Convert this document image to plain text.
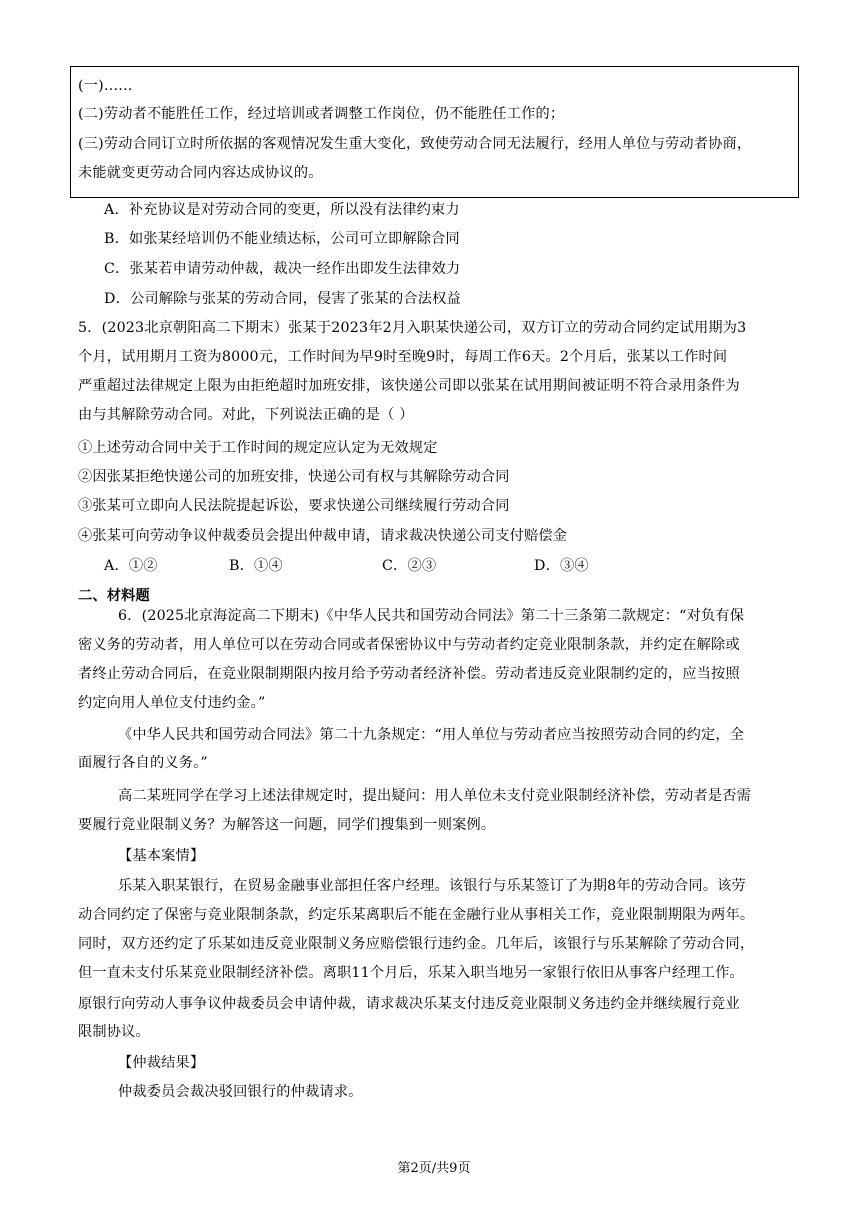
(一)……
(二)劳动者不能胜任工作，经过培训或者调整工作岗位，仍不能胜任工作的；
(三)劳动合同订立时所依据的客观情况发生重大变化，致使劳动合同无法履行，经用人单位与劳动者协商，
未能就变更劳动合同内容达成协议的。
A．补充协议是对劳动合同的变更，所以没有法律约束力
B．如张某经培训仍不能业绩达标，公司可立即解除合同
C．张某若申请劳动仲裁，裁决一经作出即发生法律效力
D．公司解除与张某的劳动合同，侵害了张某的合法权益
5．(2023北京朝阳高二下期末）张某于2023年2月入职某快递公司，双方订立的劳动合同约定试用期为3
个月，试用期月工资为8000元，工作时间为早9时至晚9时，每周工作6天。2个月后，张某以工作时间
严重超过法律规定上限为由拒绝超时加班安排，该快递公司即以张某在试用期间被证明不符合录用条件为
由与其解除劳动合同。对此，下列说法正确的是（ ）
①上述劳动合同中关于工作时间的规定应认定为无效规定
②因张某拒绝快递公司的加班安排，快递公司有权与其解除劳动合同
③张某可立即向人民法院提起诉讼，要求快递公司继续履行劳动合同
④张某可向劳动争议仲裁委员会提出仲裁申请，请求裁决快递公司支付赔偿金
A．①②	B．①④	C．②③	D．③④
二、材料题
6．(2025北京海淀高二下期末)《中华人民共和国劳动合同法》第二十三条第二款规定：“对负有保
密义务的劳动者，用人单位可以在劳动合同或者保密协议中与劳动者约定竞业限制条款，并约定在解除或
者终止劳动合同后，在竞业限制期限内按月给予劳动者经济补偿。劳动者违反竞业限制约定的，应当按照
约定向用人单位支付违约金。”
《中华人民共和国劳动合同法》第二十九条规定：“用人单位与劳动者应当按照劳动合同的约定，全
面履行各自的义务。”
高二某班同学在学习上述法律规定时，提出疑问：用人单位未支付竞业限制经济补偿，劳动者是否需
要履行竞业限制义务？为解答这一问题，同学们搜集到一则案例。
【基本案情】
乐某入职某银行，在贸易金融事业部担任客户经理。该银行与乐某签订了为期8年的劳动合同。该劳
动合同约定了保密与竞业限制条款，约定乐某离职后不能在金融行业从事相关工作，竞业限制期限为两年。
同时，双方还约定了乐某如违反竞业限制义务应赔偿银行违约金。几年后，该银行与乐某解除了劳动合同，
但一直未支付乐某竞业限制经济补偿。离职11个月后，乐某入职当地另一家银行依旧从事客户经理工作。
原银行向劳动人事争议仲裁委员会申请仲裁，请求裁决乐某支付违反竞业限制义务违约金并继续履行竞业
限制协议。
【仲裁结果】
仲裁委员会裁决驳回银行的仲裁请求。
第2页/共9页
